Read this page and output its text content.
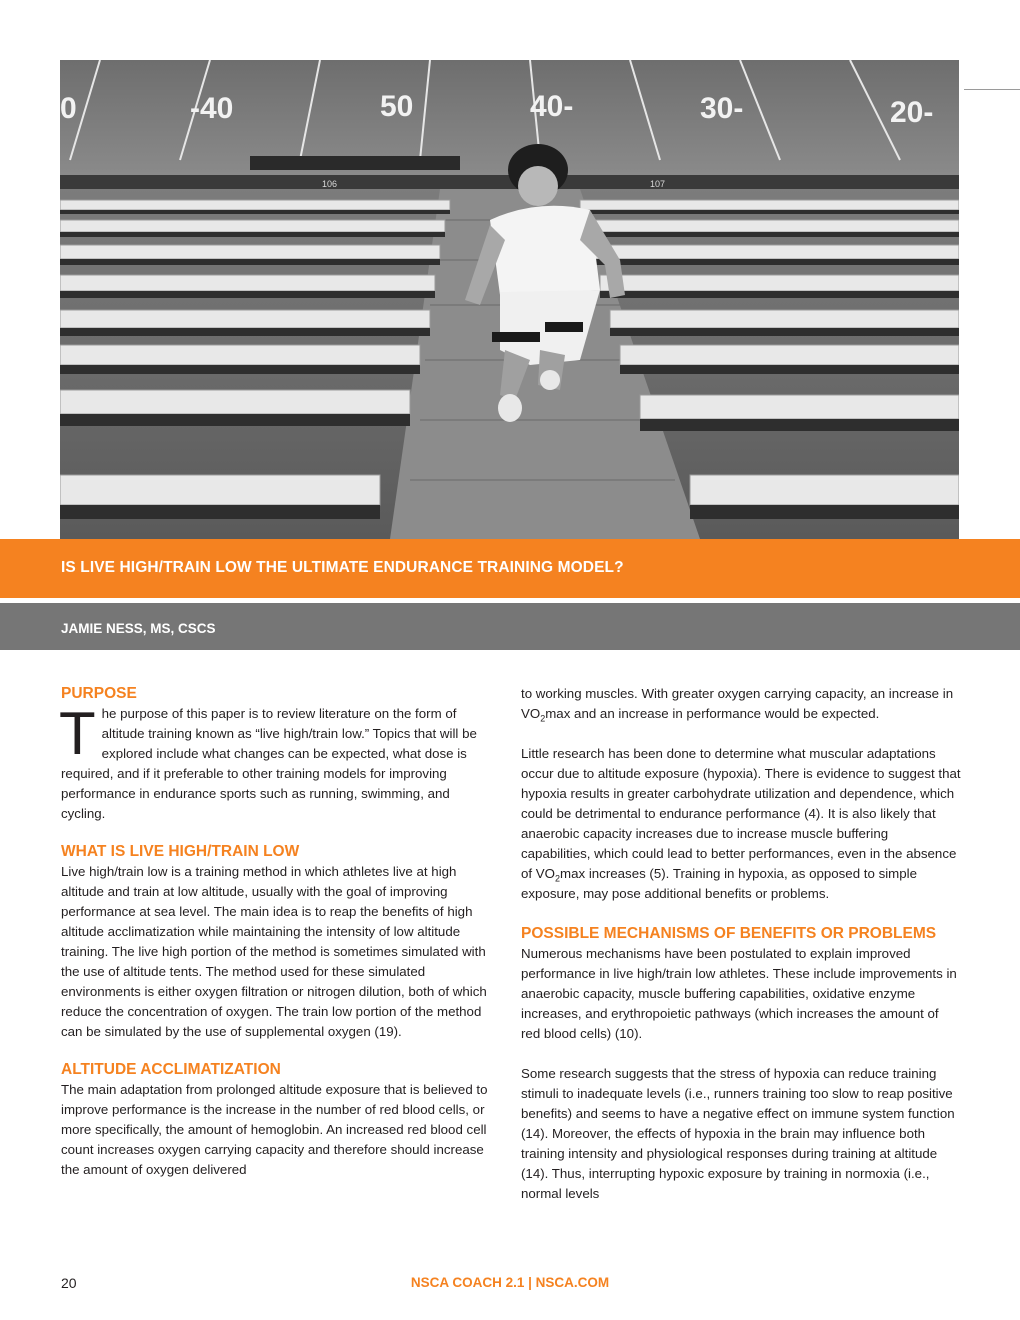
0	-40	50	40-	30-	20-
106	107
IS LIVE HIGH/TRAIN LOW THE ULTIMATE ENDURANCE TRAINING MODEL?
JAMIE NESS, MS, CSCS
PURPOSE

The purpose of this paper is to review literature on the form of altitude training known as “live high/train low.” Topics that will be explored include what changes can be expected, what dose is required, and if it preferable to other training models for improving performance in endurance sports such as running, swimming, and cycling.

WHAT IS LIVE HIGH/TRAIN LOW

Live high/train low is a training method in which athletes live at high altitude and train at low altitude, usually with the goal of improving performance at sea level. The main idea is to reap the benefits of high altitude acclimatization while maintaining the intensity of low altitude training. The live high portion of the method is sometimes simulated with the use of altitude tents. The method used for these simulated environments is either oxygen filtration or nitrogen dilution, both of which reduce the concentration of oxygen. The train low portion of the method can be simulated by the use of supplemental oxygen (19).

ALTITUDE ACCLIMATIZATION

The main adaptation from prolonged altitude exposure that is believed to improve performance is the increase in the number of red blood cells, or more specifically, the amount of hemoglobin. An increased red blood cell count increases oxygen carrying capacity and therefore should increase the amount of oxygen delivered

to working muscles. With greater oxygen carrying capacity, an increase in $VO_2\max$ and an increase in performance would be expected.

Little research has been done to determine what muscular adaptations occur due to altitude exposure (hypoxia). There is evidence to suggest that hypoxia results in greater carbohydrate utilization and dependence, which could be detrimental to endurance performance (4). It is also likely that anaerobic capacity increases due to increase muscle buffering capabilities, which could lead to better performances, even in the absence of $VO_2\max$ increases (5). Training in hypoxia, as opposed to simple exposure, may pose additional benefits or problems.

POSSIBLE MECHANISMS OF BENEFITS OR PROBLEMS

Numerous mechanisms have been postulated to explain improved performance in live high/train low athletes. These include improvements in anaerobic capacity, muscle buffering capabilities, oxidative enzyme increases, and erythropoietic pathways (which increases the amount of red blood cells) (10).

Some research suggests that the stress of hypoxia can reduce training stimuli to inadequate levels (i.e., runners training too slow to reap positive benefits) and seems to have a negative effect on immune system function (14). Moreover, the effects of hypoxia in the brain may influence both training intensity and physiological responses during training at altitude (14). Thus, interrupting hypoxic exposure by training in normoxia (i.e., normal levels

20	NSCA COACH 2.1 | NSCA.COM
